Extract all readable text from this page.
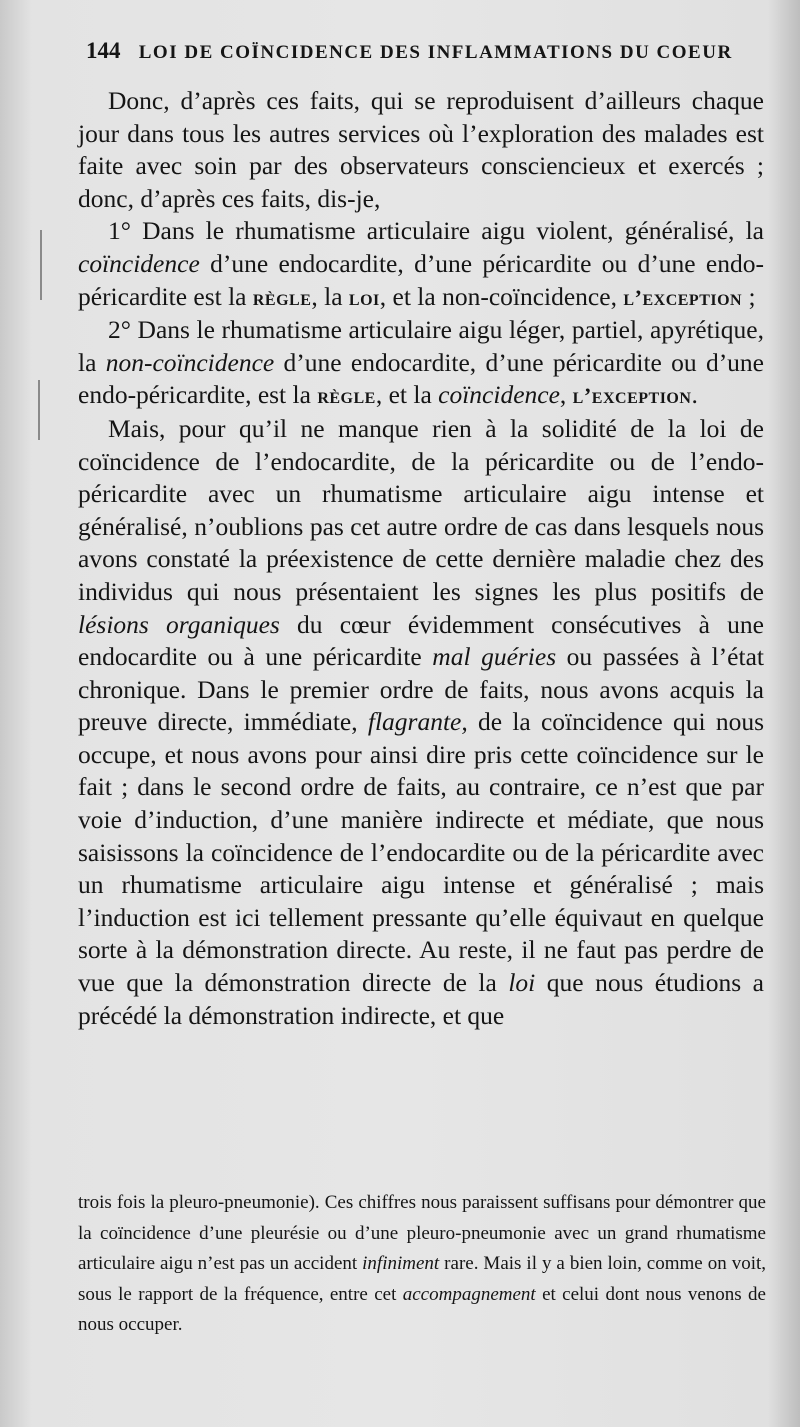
144 LOI DE COÏNCIDENCE DES INFLAMMATIONS DU COEUR

Donc, d’après ces faits, qui se reproduisent d’ailleurs chaque jour dans tous les autres services où l’exploration des malades est faite avec soin par des observateurs consciencieux et exercés ; donc, d’après ces faits, dis-je,

1° Dans le rhumatisme articulaire aigu violent, généralisé, la coïncidence d’une endocardite, d’une péricardite ou d’une endo-péricardite est la règle, la loi, et la non-coïncidence, l’exception ;

2° Dans le rhumatisme articulaire aigu léger, partiel, apyrétique, la non-coïncidence d’une endocardite, d’une péricardite ou d’une endo-péricardite, est la règle, et la coïncidence, l’exception.

Mais, pour qu’il ne manque rien à la solidité de la loi de coïncidence de l’endocardite, de la péricardite ou de l’endo-péricardite avec un rhumatisme articulaire aigu intense et généralisé, n’oublions pas cet autre ordre de cas dans lesquels nous avons constaté la préexistence de cette dernière maladie chez des individus qui nous présentaient les signes les plus positifs de lésions organiques du cœur évidemment consécutives à une endocardite ou à une péricardite mal guéries ou passées à l’état chronique. Dans le premier ordre de faits, nous avons acquis la preuve directe, immédiate, flagrante, de la coïncidence qui nous occupe, et nous avons pour ainsi dire pris cette coïncidence sur le fait ; dans le second ordre de faits, au contraire, ce n’est que par voie d’induction, d’une manière indirecte et médiate, que nous saisissons la coïncidence de l’endocardite ou de la péricardite avec un rhumatisme articulaire aigu intense et généralisé ; mais l’induction est ici tellement pressante qu’elle équivaut en quelque sorte à la démonstration directe. Au reste, il ne faut pas perdre de vue que la démonstration directe de la loi que nous étudions a précédé la démonstration indirecte, et que

trois fois la pleuro-pneumonie). Ces chiffres nous paraissent suffisans pour démontrer que la coïncidence d’une pleurésie ou d’une pleuro-pneumonie avec un grand rhumatisme articulaire aigu n’est pas un accident infiniment rare. Mais il y a bien loin, comme on voit, sous le rapport de la fréquence, entre cet accompagnement et celui dont nous venons de nous occuper.
